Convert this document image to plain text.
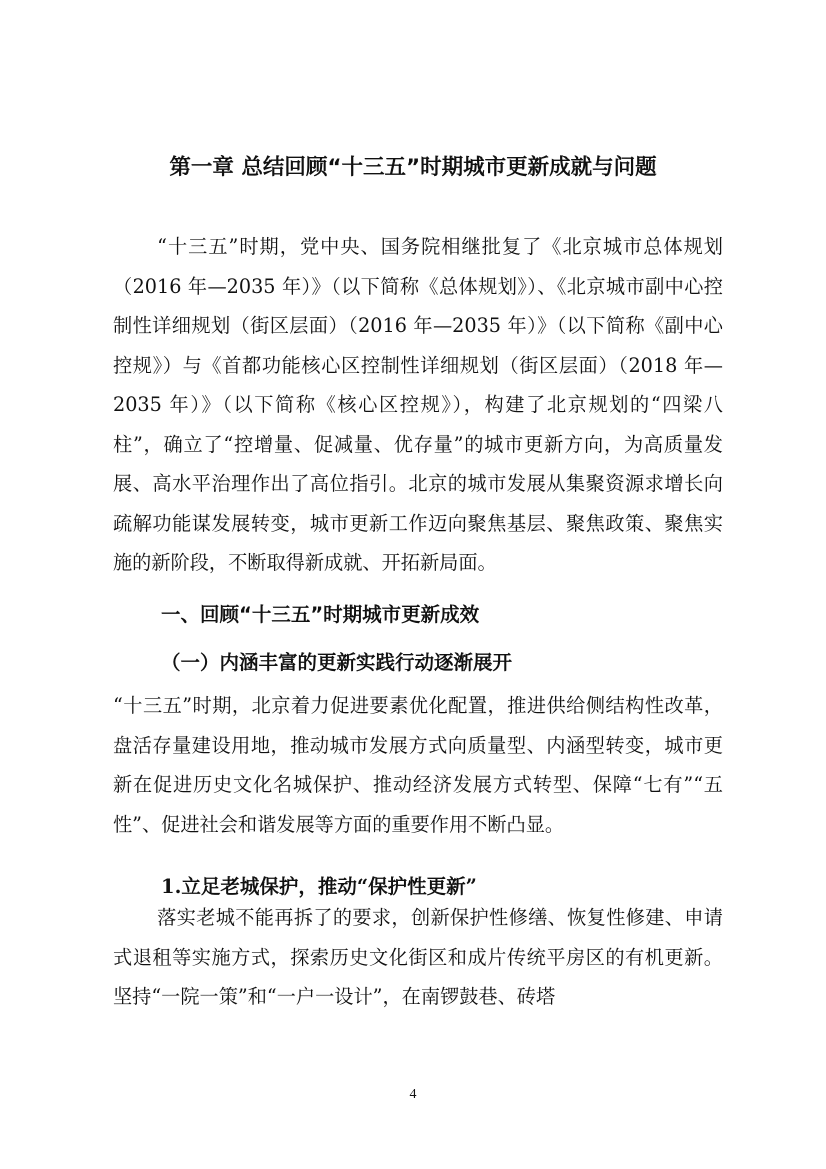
第一章 总结回顾“十三五”时期城市更新成就与问题

“十三五”时期，党中央、国务院相继批复了《北京城市总体规划（2016 年—2035 年）》（以下简称《总体规划》）、《北京城市副中心控制性详细规划（街区层面）（2016 年—2035 年）》（以下简称《副中心控规》）与《首都功能核心区控制性详细规划（街区层面）（2018 年—2035 年）》（以下简称《核心区控规》），构建了北京规划的“四梁八柱”，确立了“控增量、促减量、优存量”的城市更新方向，为高质量发展、高水平治理作出了高位指引。北京的城市发展从集聚资源求增长向疏解功能谋发展转变，城市更新工作迈向聚焦基层、聚焦政策、聚焦实施的新阶段，不断取得新成就、开拓新局面。

一、回顾“十三五”时期城市更新成效
（一）内涵丰富的更新实践行动逐渐展开

“十三五”时期，北京着力促进要素优化配置，推进供给侧结构性改革，盘活存量建设用地，推动城市发展方式向质量型、内涵型转变，城市更新在促进历史文化名城保护、推动经济发展方式转型、保障“七有”“五性”、促进社会和谐发展等方面的重要作用不断凸显。

1.立足老城保护，推动“保护性更新”

落实老城不能再拆了的要求，创新保护性修缮、恢复性修建、申请式退租等实施方式，探索历史文化街区和成片传统平房区的有机更新。坚持“一院一策”和“一户一设计”，在南锣鼓巷、砖塔

4
